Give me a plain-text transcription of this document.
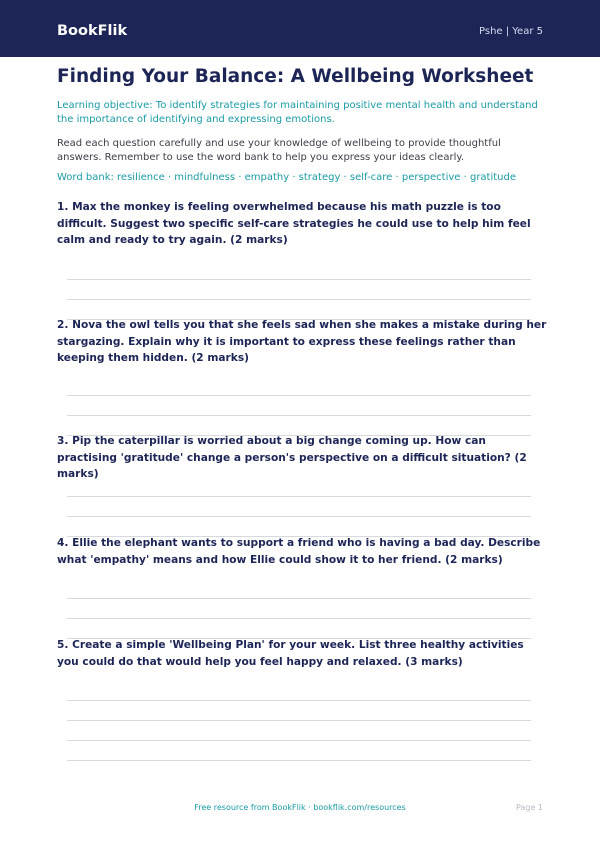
BookFlik	Pshe | Year 5
Finding Your Balance: A Wellbeing Worksheet

Learning objective: To identify strategies for maintaining positive mental health and understand the importance of identifying and expressing emotions.

Read each question carefully and use your knowledge of wellbeing to provide thoughtful answers. Remember to use the word bank to help you express your ideas clearly.

Word bank: resilience · mindfulness · empathy · strategy · self-care · perspective · gratitude

1. Max the monkey is feeling overwhelmed because his math puzzle is too difficult. Suggest two specific self-care strategies he could use to help him feel calm and ready to try again. (2 marks)

2. Nova the owl tells you that she feels sad when she makes a mistake during her stargazing. Explain why it is important to express these feelings rather than keeping them hidden. (2 marks)

3. Pip the caterpillar is worried about a big change coming up. How can practising 'gratitude' change a person's perspective on a difficult situation? (2 marks)

4. Ellie the elephant wants to support a friend who is having a bad day. Describe what 'empathy' means and how Ellie could show it to her friend. (2 marks)

5. Create a simple 'Wellbeing Plan' for your week. List three healthy activities you could do that would help you feel happy and relaxed. (3 marks)

Free resource from BookFlik · bookflik.com/resources	Page 1
